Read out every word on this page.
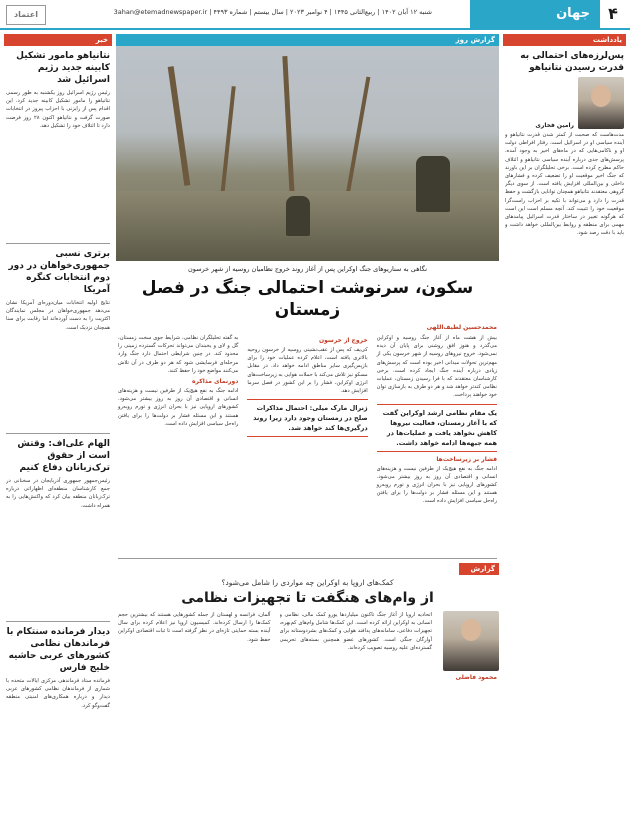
۴
جهان
شنبه ۱۲ آبان ۱۴۰۲ | ربیع‌الثانی ۱۴۴۵ | ۴ نوامبر ۲۰۲۳ | سال بیستم | شماره ۴۴۹۳ | 3ahan@etemadnewspaper.ir
اعتماد
یادداشت
پس‌لرزه‌های احتمالی به قدرت رسیدن نتانیاهو
رامین فخاری
مدت‌هاست که صحبت از کمتر شدن قدرت نتانیاهو و آینده سیاسی او در اسرائیل است. رفتار افراطی دولت او و ناکامی‌هایی که در ماه‌های اخیر به وجود آمده، پرسش‌های جدی درباره آینده سیاسی نتانیاهو و ائتلاف حاکم مطرح کرده است. برخی تحلیلگران بر این باورند که جنگ اخیر موقعیت او را تضعیف کرده و فشارهای داخلی و بین‌المللی افزایش یافته است. از سوی دیگر گروهی معتقدند نتانیاهو همچنان توانایی بازگشت و حفظ قدرت را دارد و می‌تواند با تکیه بر احزاب راست‌گرا موقعیت خود را تثبیت کند. آنچه مسلم است این است که هرگونه تغییر در ساختار قدرت اسرائیل پیامدهای مهمی برای منطقه و روابط بین‌المللی خواهد داشت و باید با دقت رصد شود.
گزارش روز
نگاهی به سناریوهای جنگ اوکراین پس از آغاز روند خروج نظامیان روسیه از شهر خرسون
سکون، سرنوشت احتمالی جنگ در فصل زمستان
محمدحسین لطیف‌اللهی
بیش از هشت ماه از آغاز جنگ روسیه و اوکراین می‌گذرد و هنوز افق روشنی برای پایان آن دیده نمی‌شود. خروج نیروهای روسیه از شهر خرسون یکی از مهم‌ترین تحولات میدانی اخیر بوده است که پرسش‌های زیادی درباره آینده جنگ ایجاد کرده است. برخی کارشناسان معتقدند که با فرا رسیدن زمستان، عملیات نظامی کندتر خواهد شد و هر دو طرف به بازسازی توان خود خواهند پرداخت.
یک مقام نظامی ارشد اوکراین گفت که با آغاز زمستان، فعالیت نیروها کاهش نخواهد یافت و عملیات‌ها در همه جبهه‌ها ادامه خواهد داشت.
فشار بر زیرساخت‌ها
ادامه جنگ به نفع هیچ‌یک از طرفین نیست و هزینه‌های انسانی و اقتصادی آن روز به روز بیشتر می‌شود. کشورهای اروپایی نیز با بحران انرژی و تورم روبه‌رو هستند و این مسئله فشار بر دولت‌ها را برای یافتن راه‌حل سیاسی افزایش داده است.
خروج از خرسون
کی‌یف که پس از عقب‌نشینی روسیه از خرسون روحیه بالاتری یافته است، اعلام کرده عملیات خود را برای بازپس‌گیری سایر مناطق ادامه خواهد داد. در مقابل مسکو نیز تلاش می‌کند با حملات هوایی به زیرساخت‌های انرژی اوکراین، فشار را بر این کشور در فصل سرما افزایش دهد.
ژنرال مارک میلی: احتمال مذاکرات صلح در زمستان وجود دارد زیرا روند درگیری‌ها کند خواهد شد.
به گفته تحلیلگران نظامی، شرایط جوی سخت زمستان، گل و لای و یخبندان می‌تواند تحرکات گسترده زمینی را محدود کند. در چنین شرایطی احتمال دارد جنگ وارد مرحله‌ای فرسایشی شود که هر دو طرف در آن تلاش می‌کنند مواضع خود را حفظ کنند.
دورنمای مذاکره
ادامه جنگ به نفع هیچ‌یک از طرفین نیست و هزینه‌های انسانی و اقتصادی آن روز به روز بیشتر می‌شود. کشورهای اروپایی نیز با بحران انرژی و تورم روبه‌رو هستند و این مسئله فشار بر دولت‌ها را برای یافتن راه‌حل سیاسی افزایش داده است.
گزارش
کمک‌های اروپا به اوکراین چه مواردی را شامل می‌شود؟
از وام‌های هنگفت تا تجهیزات نظامی
محمود فاضلی
اتحادیه اروپا از آغاز جنگ تاکنون میلیاردها یورو کمک مالی، نظامی و انسانی به اوکراین ارائه کرده است. این کمک‌ها شامل وام‌های کم‌بهره، تجهیزات دفاعی، سامانه‌های پدافند هوایی و کمک‌های بشردوستانه برای آوارگان جنگی است. کشورهای عضو همچنین بسته‌های تحریمی گسترده‌ای علیه روسیه تصویب کرده‌اند.
آلمان، فرانسه و لهستان از جمله کشورهایی هستند که بیشترین حجم کمک‌ها را ارسال کرده‌اند. کمیسیون اروپا نیز اعلام کرده برای سال آینده بسته حمایتی تازه‌ای در نظر گرفته است تا ثبات اقتصادی اوکراین حفظ شود.
خبر
نتانیاهو مامور تشکیل کابینه جدید رژیم اسرائیل شد
رئیس رژیم اسرائیل روز یکشنبه به طور رسمی نتانیاهو را مامور تشکیل کابینه جدید کرد. این اقدام پس از رایزنی با احزاب پیروز در انتخابات صورت گرفت و نتانیاهو اکنون ۲۸ روز فرصت دارد تا ائتلاف خود را تشکیل دهد.
برتری نسبی جمهوری‌خواهان در دور دوم انتخابات کنگره آمریکا
نتایج اولیه انتخابات میان‌دوره‌ای آمریکا نشان می‌دهد جمهوری‌خواهان در مجلس نمایندگان اکثریت را به دست آورده‌اند اما رقابت برای سنا همچنان نزدیک است.
الهام علی‌اف: وقتش است از حقوق ترک‌زبانان دفاع کنیم
رئیس‌جمهور جمهوری آذربایجان در سخنانی در جمع کارشناسان منطقه‌ای اظهاراتی درباره ترک‌زبانان منطقه بیان کرد که واکنش‌هایی را به همراه داشت.
دیدار فرمانده سنتکام با فرماندهان نظامی کشورهای عربی حاشیه خلیج فارس
فرمانده ستاد فرماندهی مرکزی ایالات متحده با شماری از فرماندهان نظامی کشورهای عربی دیدار و درباره همکاری‌های امنیتی منطقه گفت‌وگو کرد.
